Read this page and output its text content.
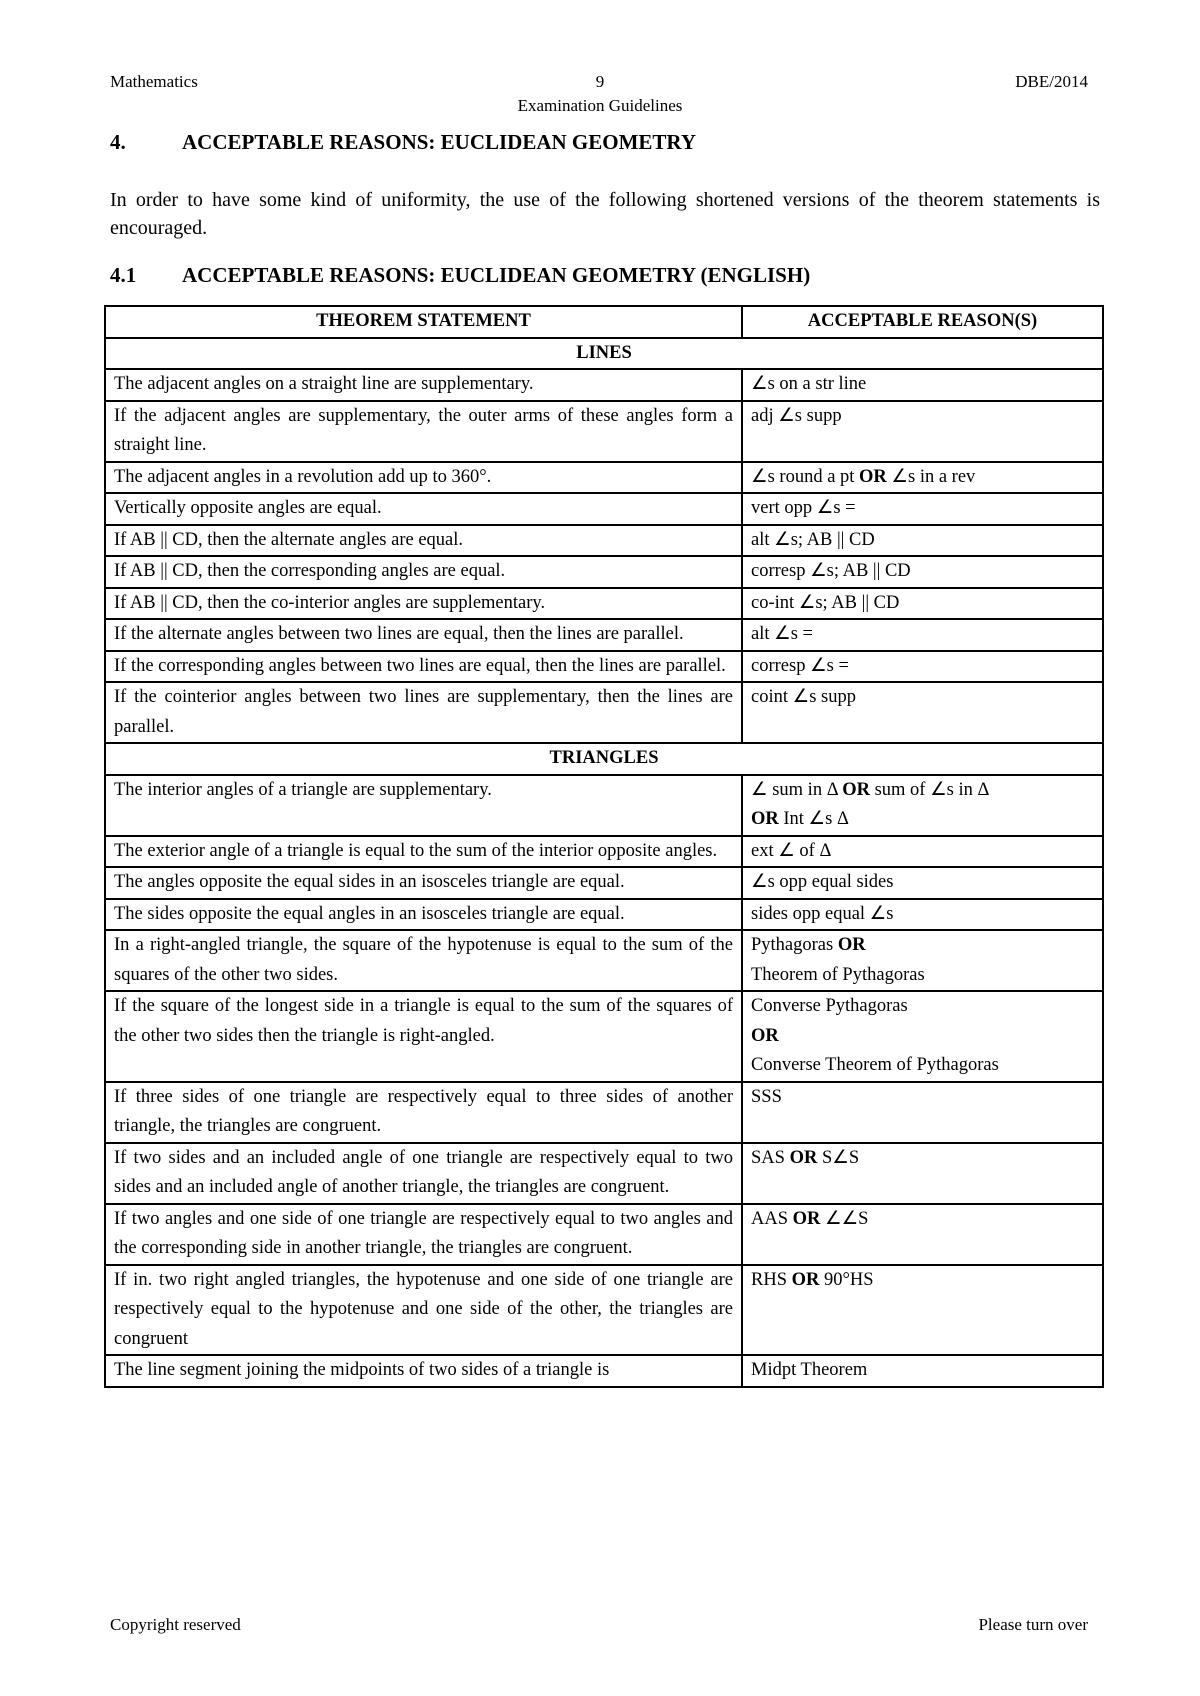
9
Mathematics	DBE/2014
Examination Guidelines
4.	ACCEPTABLE REASONS: EUCLIDEAN GEOMETRY
In order to have some kind of uniformity, the use of the following shortened versions of the theorem statements is encouraged.
4.1 ACCEPTABLE REASONS: EUCLIDEAN GEOMETRY (ENGLISH)
THEOREM STATEMENT	ACCEPTABLE REASON(S)
LINES	
The adjacent angles on a straight line are supplementary.	∠s on a str line
If the adjacent angles are supplementary, the outer arms of these angles form a straight line.	adj ∠s supp
The adjacent angles in a revolution add up to 360°.	∠s round a pt OR ∠s in a rev
Vertically opposite angles are equal.	vert opp ∠s =
If AB || CD, then the alternate angles are equal.	alt ∠s; AB || CD
If AB || CD, then the corresponding angles are equal.	corresp ∠s; AB || CD
If AB || CD, then the co-interior angles are supplementary.	co-int ∠s; AB || CD
If the alternate angles between two lines are equal, then the lines are parallel.	alt ∠s =
If the corresponding angles between two lines are equal, then the lines are parallel.	corresp ∠s =
If the cointerior angles between two lines are supplementary, then the lines are parallel.	coint ∠s supp
TRIANGLES	
The interior angles of a triangle are supplementary.	∠ sum in Δ OR sum of ∠s in Δ
OR Int ∠s Δ

The exterior angle of a triangle is equal to the sum of the interior opposite angles.	ext ∠ of Δ

The angles opposite the equal sides in an isosceles triangle are equal.	∠s opp equal sides

The sides opposite the equal angles in an isosceles triangle are equal.	sides opp equal ∠s

In a right-angled triangle, the square of the hypotenuse is equal to the sum of the squares of the other two sides.	Pythagoras OR
Theorem of Pythagoras

If the square of the longest side in a triangle is equal to the sum of the squares of the other two sides then the triangle is right-angled.	Converse Pythagoras
OR
Converse Theorem of Pythagoras

If three sides of one triangle are respectively equal to three sides of another triangle, the triangles are congruent.	SSS

If two sides and an included angle of one triangle are respectively equal to two sides and an included angle of another triangle, the triangles are congruent.	SAS OR S∠S

If two angles and one side of one triangle are respectively equal to two angles and the corresponding side in another triangle, the triangles are congruent.	AAS OR ∠∠S

If in. two right angled triangles, the hypotenuse and one side of one triangle are respectively equal to the hypotenuse and one side of the other, the triangles are congruent	RHS OR 90°HS

The line segment joining the midpoints of two sides of a triangle is	Midpt Theorem
Copyright reserved	Please turn over
